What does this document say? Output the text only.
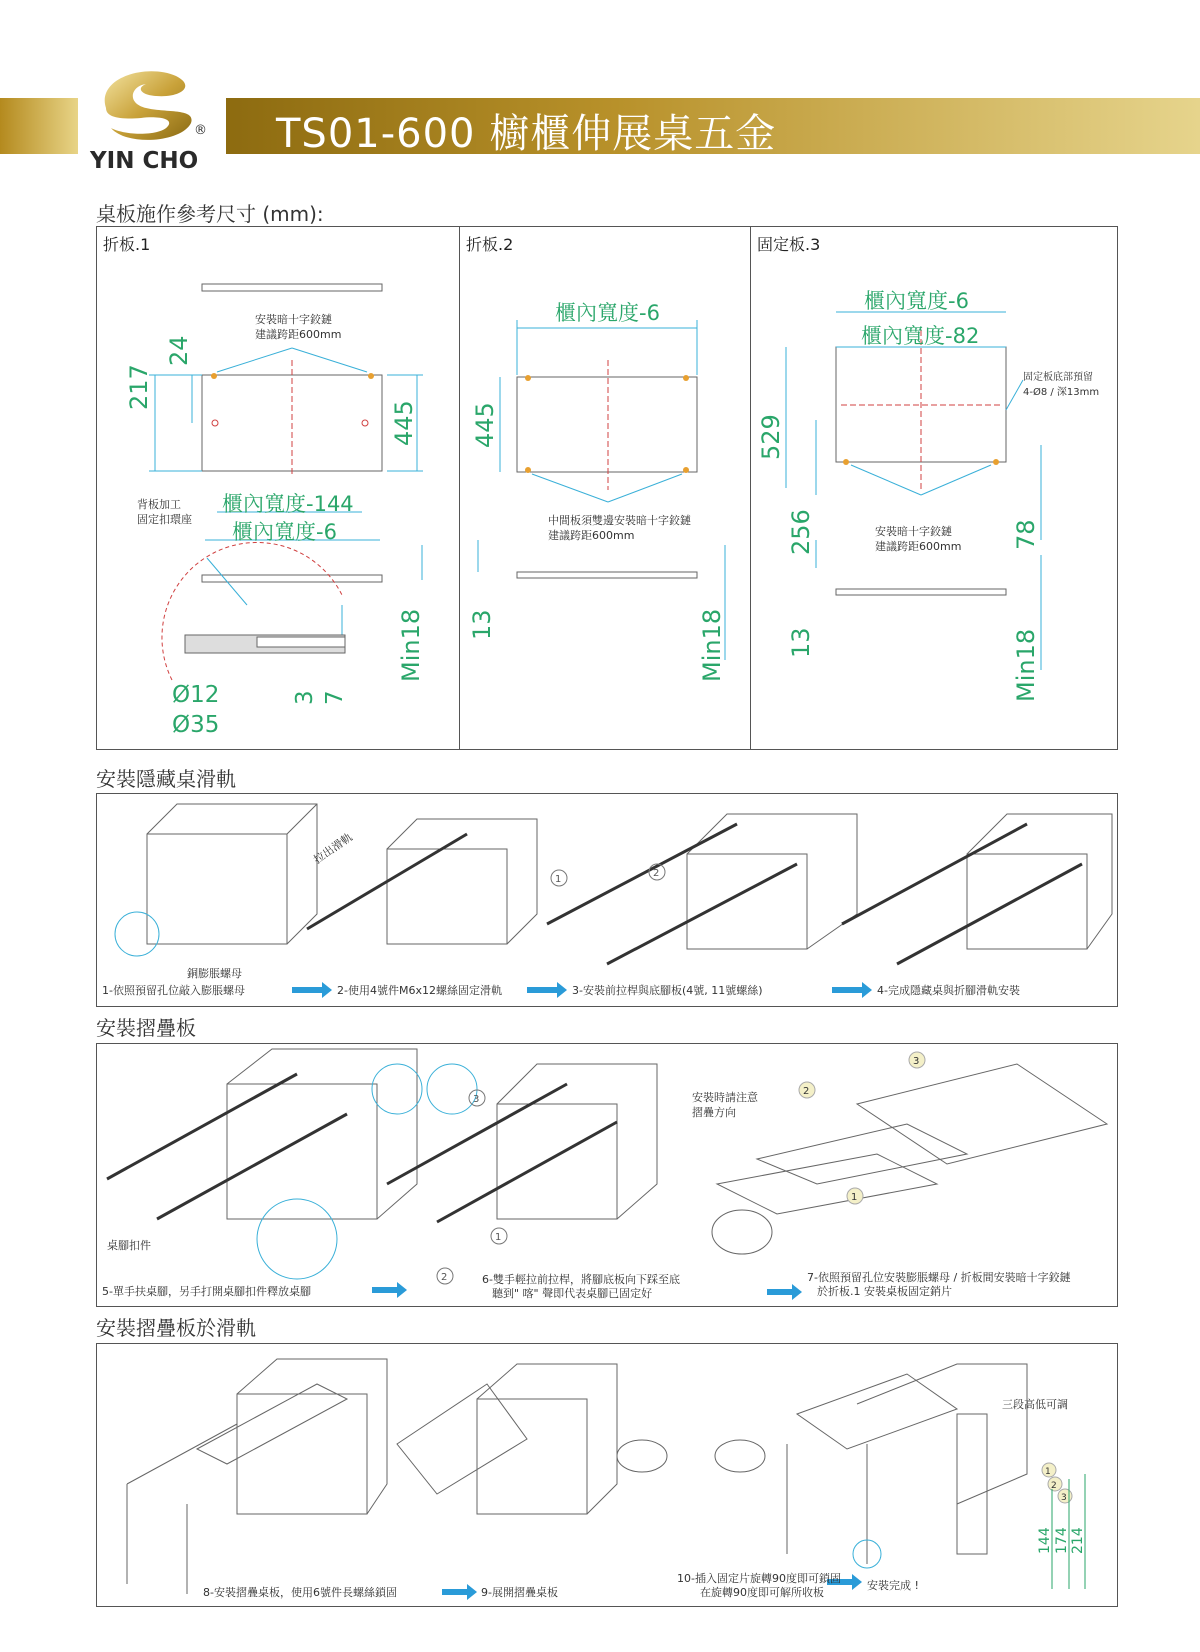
®
YIN CHO
TS01-600 櫥櫃伸展桌五金
桌板施作參考尺寸 (mm):
折板.1	折板.2	固定板.3
217
24
445
安裝暗十字鉸鏈
建議跨距600mm
背板加工
固定扣環座
櫃內寬度-144
櫃內寬度-6
Ø12
Ø35
3 7
Min18
櫃內寬度-6
445
中間板須雙邊安裝暗十字鉸鏈
建議跨距600mm
13	Min18
櫃內寬度-6
櫃內寬度-82
固定板底部預留
4-Ø8 / 深13mm
529
256	78
安裝暗十字鉸鏈
建議跨距600mm
13	Min18
安裝隱藏桌滑軌
銅膨脹螺母
拉出滑軌
1
2
1-依照預留孔位敲入膨脹螺母	2-使用4號件M6x12螺絲固定滑軌	3-安裝前拉桿與底腳板(4號, 11號螺絲)	4-完成隱藏桌與折腳滑軌安裝
安裝摺疊板
桌腳扣件
安裝時請注意
摺疊方向
2
3
1
3
1
2
5-單手扶桌腳，另手打開桌腳扣件釋放桌腳
6-雙手輕拉前拉桿，將腳底板向下踩至底
聽到" 喀" 聲即代表桌腳已固定好
7-依照預留孔位安裝膨脹螺母 / 折板間安裝暗十字鉸鏈
於折板.1 安裝桌板固定銷片
安裝摺疊板於滑軌
三段高低可調
1
2
3
144 174 214
8-安裝摺疊桌板，使用6號件長螺絲鎖固	9-展開摺疊桌板
10-插入固定片旋轉90度即可鎖固
在旋轉90度即可解所收板
安裝完成 !
